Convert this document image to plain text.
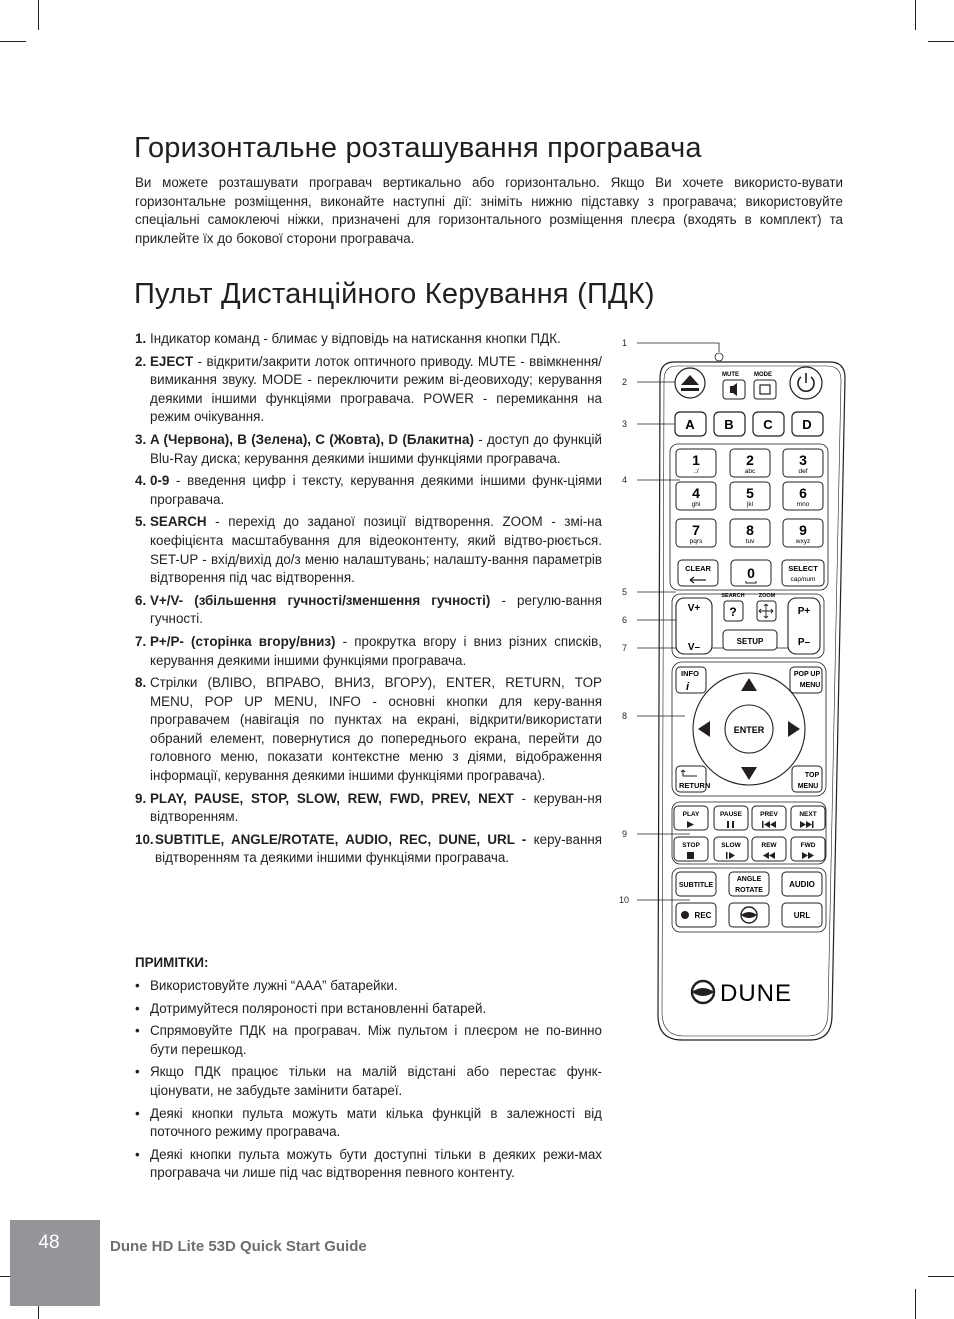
Горизонтальне розташування програвача

Ви можете розташувати програвач вертикально або горизонтально. Якщо Ви хочете використо-вувати горизонтальне розміщення, виконайте наступні дії: зніміть нижню підставку з програвача; використовуйте спеціальні самоклеючі ніжки, призначені для горизонтального розміщення плеєра (входять в комплект) та приклейте їх до бокової сторони програвача.

Пульт Дистанційного Керування (ПДК)
1. Індикатор команд - блимає у відповідь на натискання кнопки ПДК.
2. EJECT - відкрити/закрити лоток оптичного приводу. MUTE - ввімкнення/вимикання звуку. MODE - переключити режим ві-деовиходу; керування деякими іншими функціями програвача. POWER - перемикання на режим очікування.
3. A (Червона), B (Зелена), C (Жовта), D (Блакитна) - доступ до функцій Blu-Ray диска; керування деякими іншими функціями програвача.
4. 0-9 - введення цифр і тексту, керування деякими іншими функ-ціями програвача.
5. SEARCH - перехід до заданої позиції відтворення. ZOOM - змі-на коефіцієнта масштабування для відеоконтенту, який відтво-рюється. SET-UP - вхід/вихід до/з меню налаштувань; налашту-вання параметрів відтворення під час відтворення.
6. V+/V- (збільшення гучності/зменшення гучності) - регулю-вання гучності.
7. P+/P- (сторінка вгору/вниз) - прокрутка вгору і вниз різних списків, керування деякими іншими функціями програвача.
8. Стрілки (ВЛІВО, ВПРАВО, ВНИЗ, ВГОРУ), ENTER, RETURN, TOP MENU, POP UP MENU, INFO - основні кнопки для керу-вання програвачем (навігація по пунктах на екрані, відкрити/використати обраний елемент, повернутися до попереднього екрана, перейти до головного меню, показати контекстне меню з діями, відображення інформації, керування деякими іншими функціями програвача).
9. PLAY, PAUSE, STOP, SLOW, REW, FWD, PREV, NEXT - керуван-ня відтворенням.
10. SUBTITLE, ANGLE/ROTATE, AUDIO, REC, DUNE, URL - керу-вання відтворенням та деякими іншими функціями програвача.

ПРИМІТКИ:

• Використовуйте лужні “AAA” батарейки.
• Дотримуйтеся полярoності при встановленні батарей.
• Спрямовуйте ПДК на програвач. Між пультом і плеєром не по-винно бути перешкод.
• Якщо ПДК працює тільки на малій відстані або перестає функ-ціонувати, не забудьте замінити батареї.
• Деякі кнопки пульта можуть мати кілька функцій в залежності від поточного режиму програвача.
• Деякі кнопки пульта можуть бути доступні тільки в деяких режи-мах програвача чи лише під час відтворення певного контенту.
48	Dune HD Lite 53D Quick Start Guide
1
2
3
4
5
6
7
8
9
10
MUTE	MODE
A B C D
1
.:/
2
abc
3
def
4
ghi
5
jkl
6
mno
7
pqrs
8
tuv
9
wxyz
CLEAR	0	SELECT
cap/num
V+
V–
SEARCH	ZOOM
?
SETUP
P+
P–
INFO
i
POP UP
MENU
RETURN
TOP
MENU
ENTER
PLAY	PAUSE	PREV	NEXT
STOP	SLOW	REW	FWD
SUBTITLE
ANGLE
ROTATE
AUDIO
REC	URL
DUNE
